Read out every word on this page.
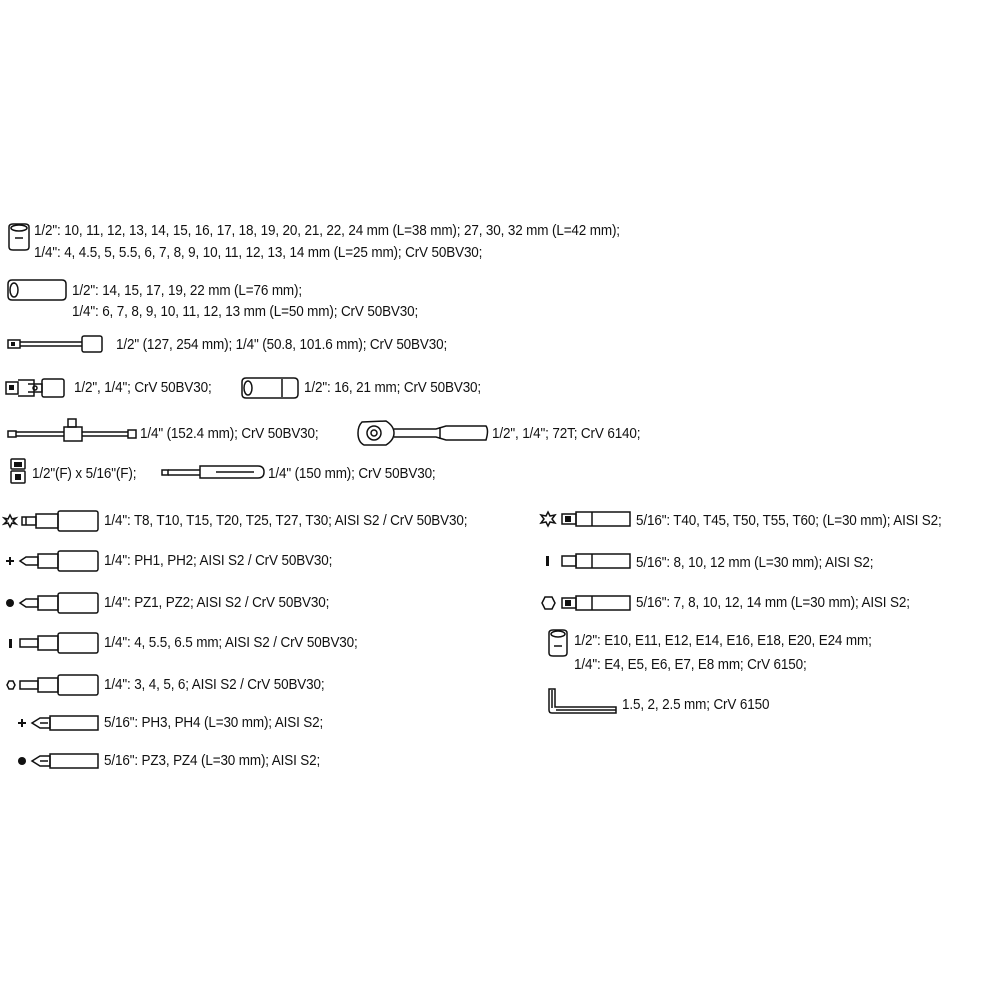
1/2": 10, 11, 12, 13, 14, 15, 16, 17, 18, 19, 20, 21, 22, 24 mm (L=38 mm); 27, 30, 32 mm (L=42 mm);
1/4": 4, 4.5, 5, 5.5, 6, 7, 8, 9, 10, 11, 12, 13, 14 mm (L=25 mm); CrV 50BV30;
1/2": 14, 15, 17, 19, 22 mm (L=76 mm);
1/4": 6, 7, 8, 9, 10, 11, 12, 13 mm (L=50 mm); CrV 50BV30;
1/2" (127, 254 mm); 1/4" (50.8, 101.6 mm); CrV 50BV30;
1/2", 1/4"; CrV 50BV30;	1/2": 16, 21 mm; CrV 50BV30;
1/4" (152.4 mm); CrV 50BV30;	1/2", 1/4"; 72T; CrV 6140;
1/2"(F) x 5/16"(F);	1/4" (150 mm); CrV 50BV30;
1/4": T8, T10, T15, T20, T25, T27, T30; AISI S2 / CrV 50BV30;
1/4": PH1, PH2; AISI S2 / CrV 50BV30;
1/4": PZ1, PZ2; AISI S2 / CrV 50BV30;
1/4": 4, 5.5, 6.5 mm; AISI S2 / CrV 50BV30;
1/4": 3, 4, 5, 6; AISI S2 / CrV 50BV30;
5/16": PH3, PH4 (L=30 mm); AISI S2;
5/16": PZ3, PZ4 (L=30 mm); AISI S2;
5/16": T40, T45, T50, T55, T60; (L=30 mm); AISI S2;
5/16": 8, 10, 12 mm (L=30 mm); AISI S2;
5/16": 7, 8, 10, 12, 14 mm (L=30 mm); AISI S2;
1/2": E10, E11, E12, E14, E16, E18, E20, E24 mm;
1/4": E4, E5, E6, E7, E8 mm; CrV 6150;
1.5, 2, 2.5 mm; CrV 6150
